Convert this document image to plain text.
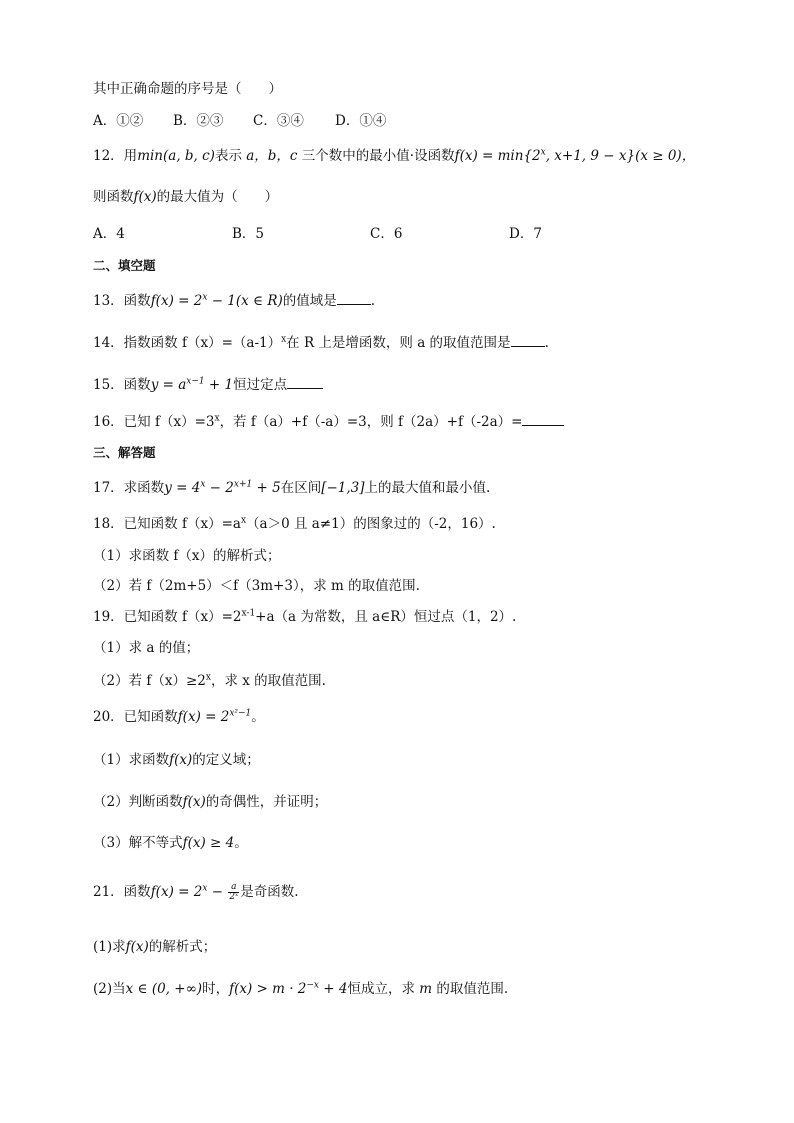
其中正确命题的序号是（　　）
A．①② B．②③ C．③④ D．①④
12．用min(a, b, c)表示 a，b，c 三个数中的最小值·设函数$f(x) = \min\{2^x$, x+1, 9 − x}(x ≥ 0)，
则函数f(x)的最大值为（　　）
A．4	B．5	C．6	D．7
二、填空题
13．函数$f(x) = 2^x - 1(x$ ∈ R)的值域是	.
14．指数函数 $f(x)=(a-1)^x$在 R 上是增函数，则 a 的取值范围是	.
15．函数$y = a^{x-1} + 1$恒过定点
16．已知 $f(x)=3^x$，若 f（a）+f（-a）=3，则 f（2a）+f（-2a）=
三、解答题
17．求函数$y = 4^x - 2^{x+1} + 5$在区间[−1,3]上的最大值和最小值.
18．已知函数 $f(x)=a^x(a>0$ 且 a≠1）的图象过的（-2，16）.
（1）求函数 f（x）的解析式；
（2）若 f（2m+5）＜f（3m+3），求 m 的取值范围.
19．已知函数 $f(x)=2^{x-1}+a(a$ 为常数，且 a∈R）恒过点（1，2）.
（1）求 a 的值；
（2）若 $f(x)\ge 2^x$，求 x 的取值范围.
20．已知函数$f(x) = 2^{x^2-1}$。
（1）求函数f(x)的定义域；
（2）判断函数f(x)的奇偶性，并证明；
（3）解不等式f(x) ≥ 4。
21．函数$f(x) = 2^x - \frac{a}{\text{2ˣ}}$ 是奇函数.
(1)求f(x)的解析式；
(2)当x ∈ (0, +∞)时，$f(x) > m \cdot 2^{-x} + 4$恒成立，求 m 的取值范围.
